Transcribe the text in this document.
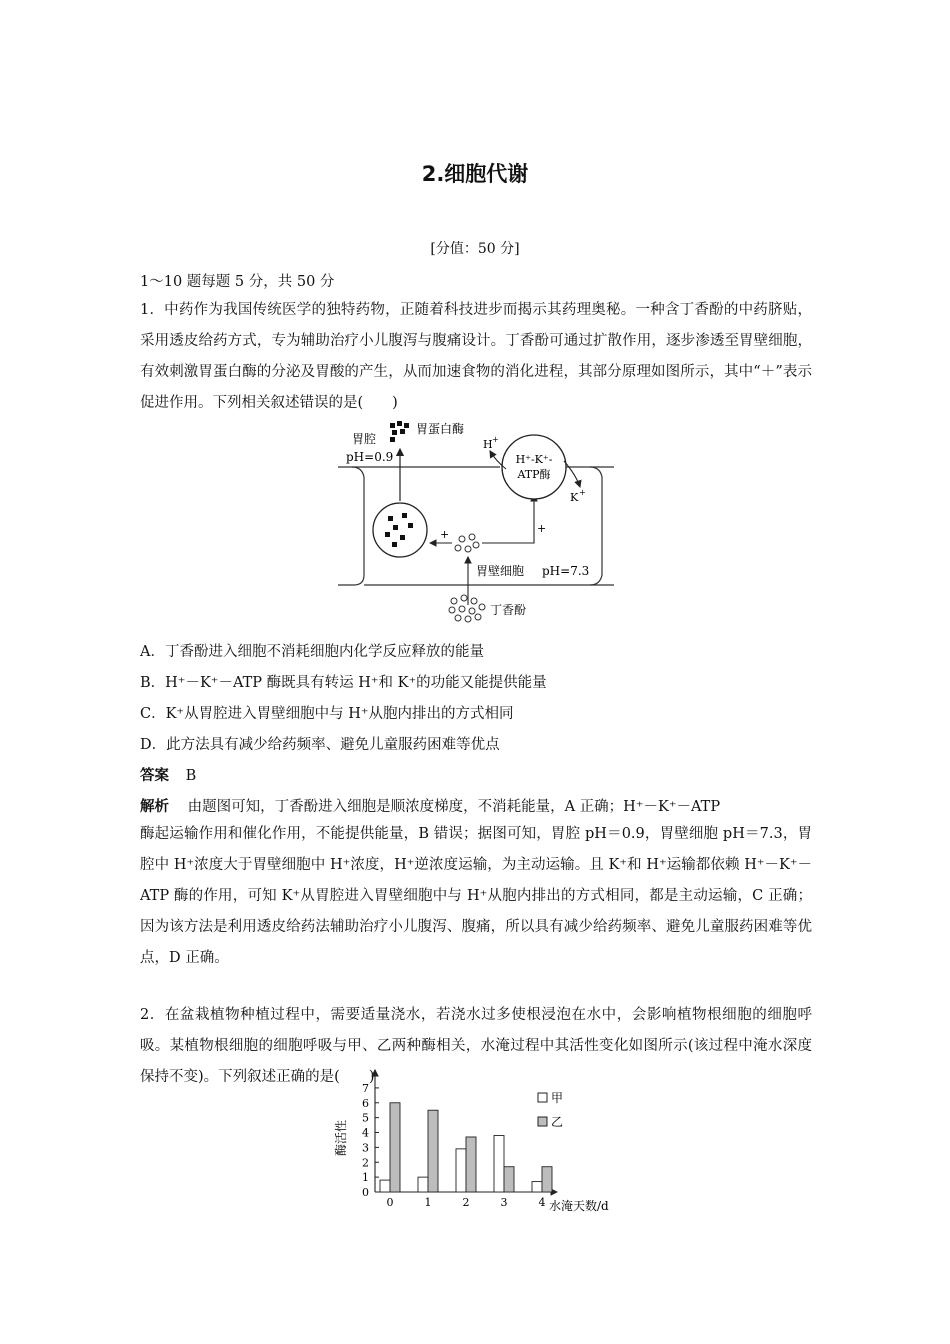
2.细胞代谢
[分值：50 分]
1～10 题每题 5 分，共 50 分
1．中药作为我国传统医学的独特药物，正随着科技进步而揭示其药理奥秘。一种含丁香酚的中药脐贴，采用透皮给药方式，专为辅助治疗小儿腹泻与腹痛设计。丁香酚可通过扩散作用，逐步渗透至胃壁细胞，有效刺激胃蛋白酶的分泌及胃酸的产生，从而加速食物的消化进程，其部分原理如图所示，其中“＋”表示促进作用。下列相关叙述错误的是(　　)
胃腔
pH=0.9
胃蛋白酶
+	+
H⁺-K⁺-
ATP酶
H +
K +
胃壁细胞 pH=7.3
丁香酚
A．丁香酚进入细胞不消耗细胞内化学反应释放的能量
B．H⁺－K⁺－ATP 酶既具有转运 H⁺和 K⁺的功能又能提供能量
C．K⁺从胃腔进入胃壁细胞中与 H⁺从胞内排出的方式相同
D．此方法具有减少给药频率、避免儿童服药困难等优点
答案 B
解析 由题图可知，丁香酚进入细胞是顺浓度梯度，不消耗能量，A 正确；H⁺－K⁺－ATP
酶起运输作用和催化作用，不能提供能量，B 错误；据图可知，胃腔 pH＝0.9，胃壁细胞 pH＝7.3，胃腔中 H⁺浓度大于胃壁细胞中 H⁺浓度，H⁺逆浓度运输，为主动运输。且 K⁺和 H⁺运输都依赖 H⁺－K⁺－ATP 酶的作用，可知 K⁺从胃腔进入胃壁细胞中与 H⁺从胞内排出的方式相同，都是主动运输，C 正确；因为该方法是利用透皮给药法辅助治疗小儿腹泻、腹痛，所以具有减少给药频率、避免儿童服药困难等优点，D 正确。
2．在盆栽植物种植过程中，需要适量浇水，若浇水过多使根浸泡在水中，会影响植物根细胞的细胞呼吸。某植物根细胞的细胞呼吸与甲、乙两种酶相关，水淹过程中其活性变化如图所示(该过程中淹水深度保持不变)。下列叙述正确的是(　　)
酶活性
0
1
2
3
4
5
6
7
0	1	2	3	4 水淹天数/d
甲
乙
